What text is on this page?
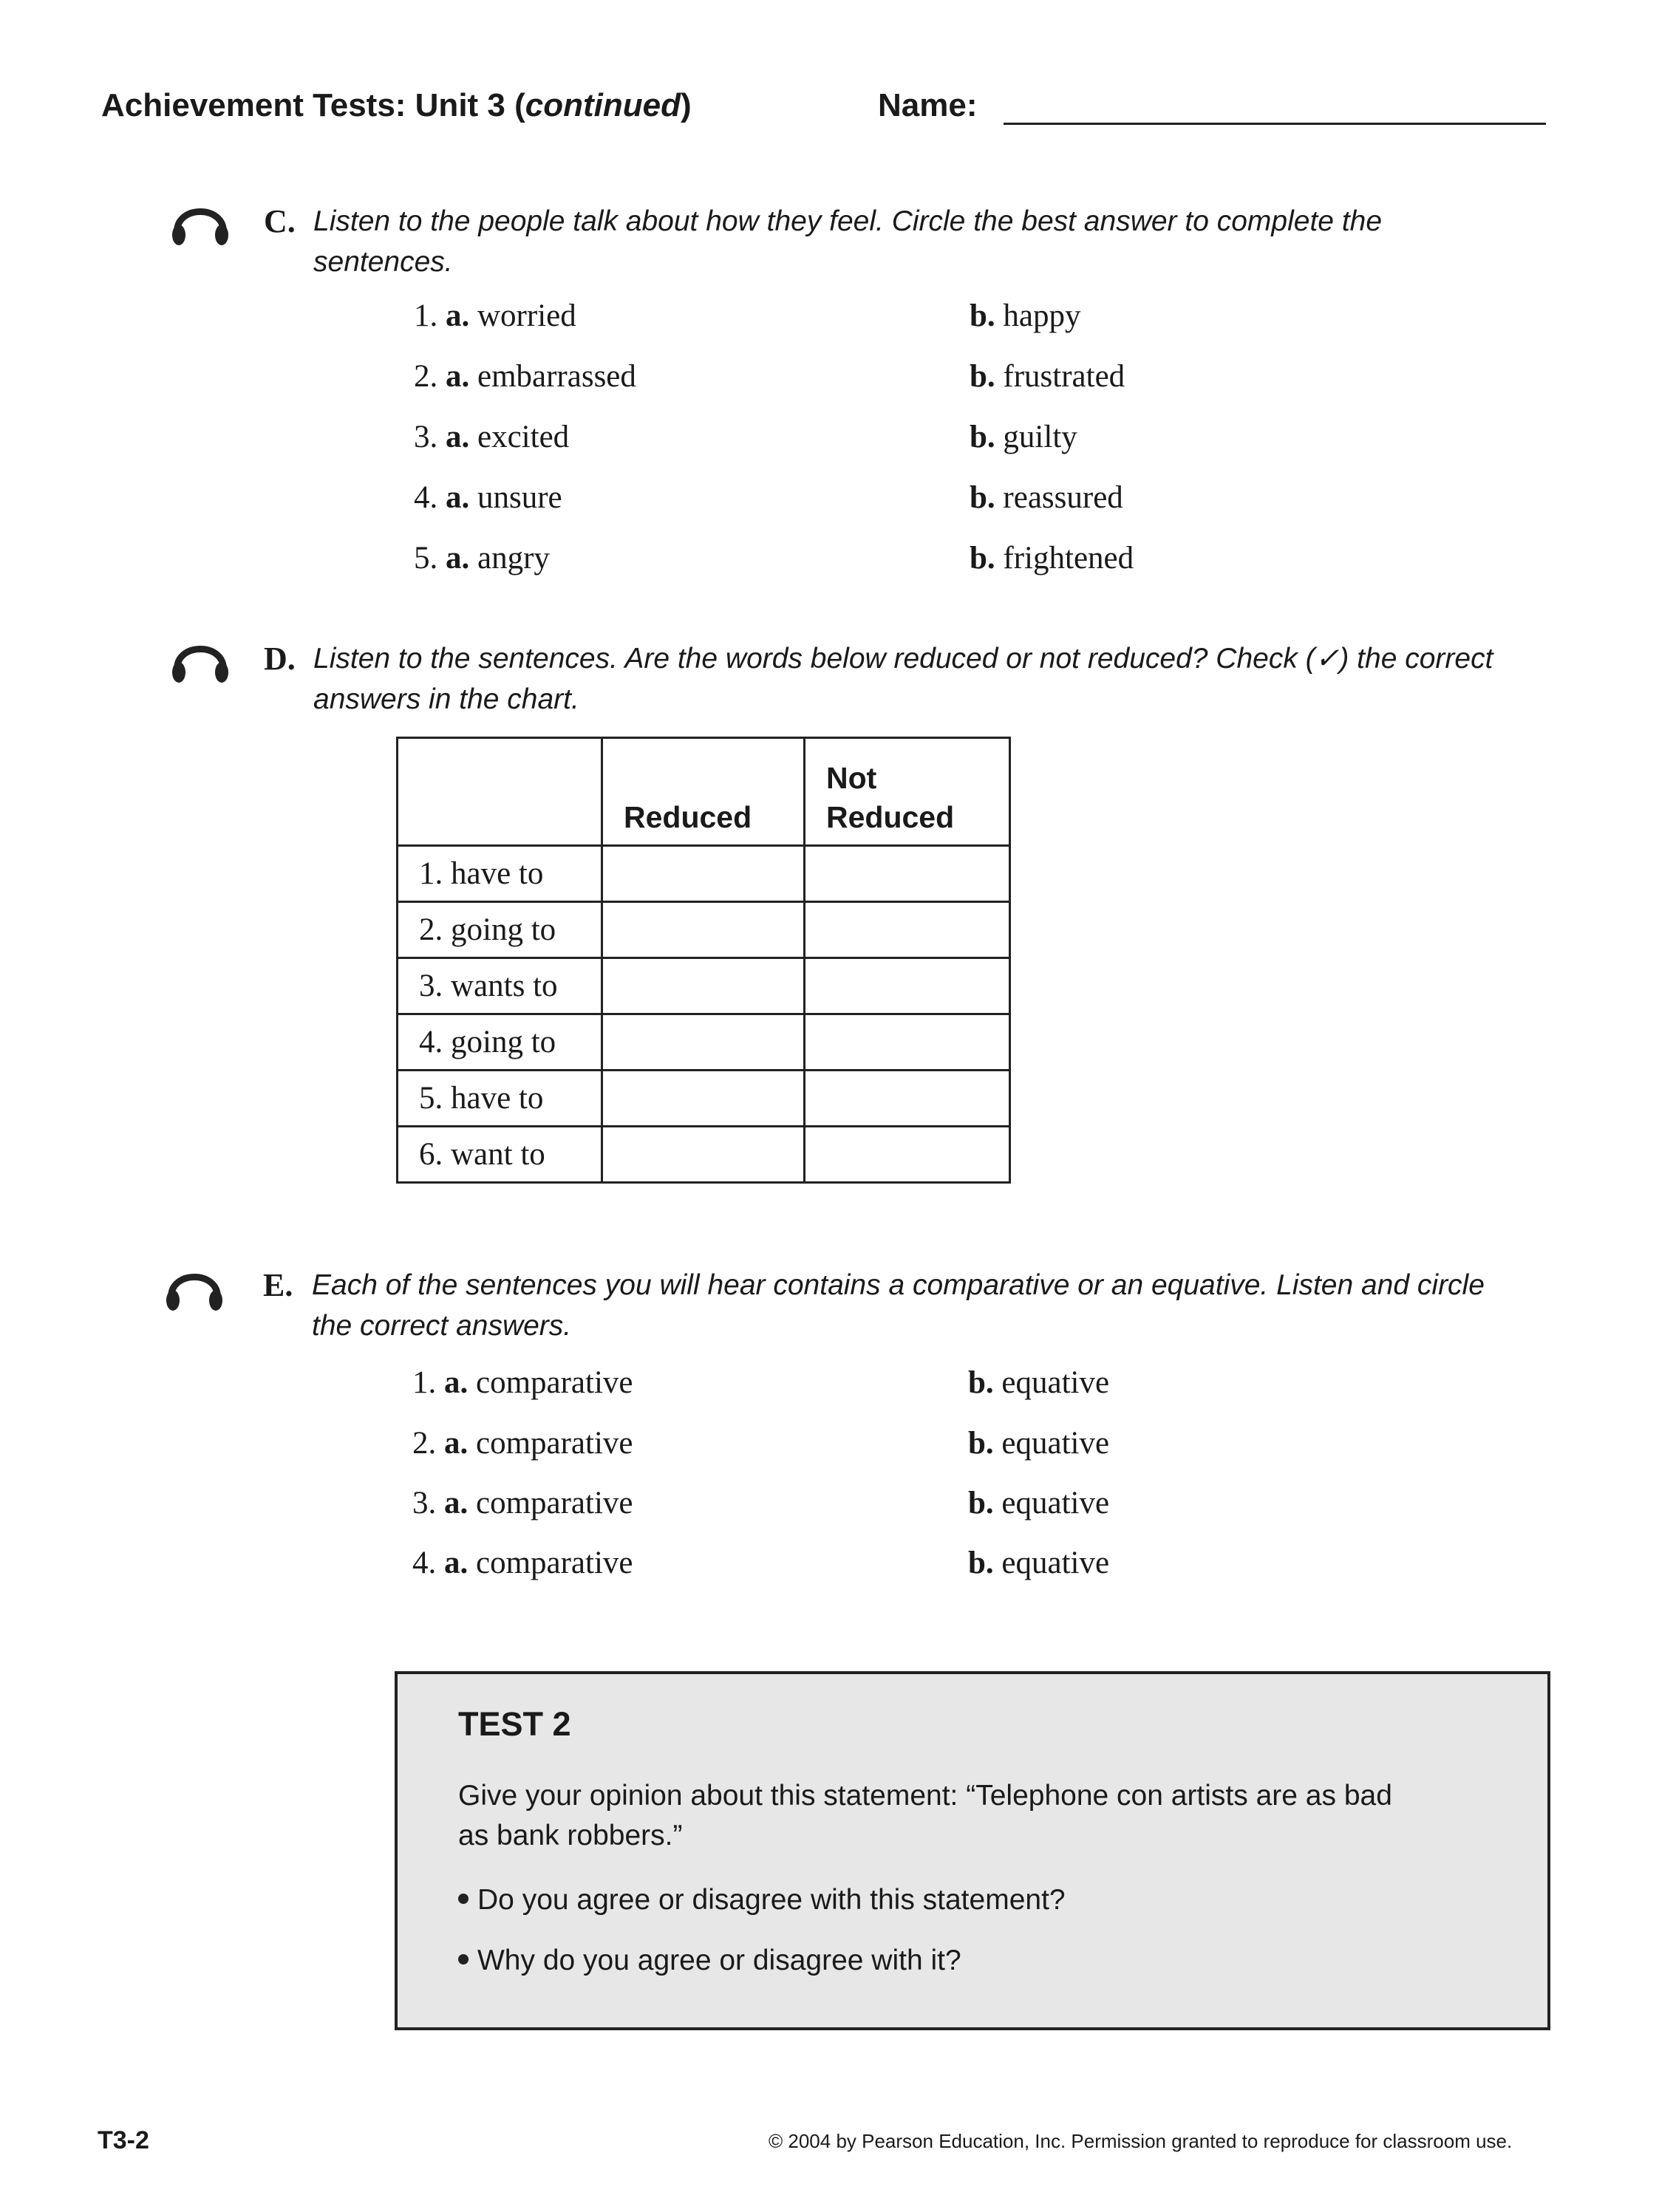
Achievement Tests: Unit 3 (continued)	Name:
C. Listen to the people talk about how they feel. Circle the best answer to complete the
sentences.
1. a. worried	b. happy
2. a. embarrassed	b. frustrated
3. a. excited	b. guilty
4. a. unsure	b. reassured
5. a. angry	b. frightened
D. Listen to the sentences. Are the words below reduced or not reduced? Check (✓) the correct
answers in the chart.
	Reduced	Not
Reduced

1. have to		
2. going to		
3. wants to		
4. going to		
5. have to		
6. want to		
E. Each of the sentences you will hear contains a comparative or an equative. Listen and circle
the correct answers.
1. a. comparative	b. equative
2. a. comparative	b. equative
3. a. comparative	b. equative
4. a. comparative	b. equative
TEST 2
Give your opinion about this statement: “Telephone con artists are as bad
as bank robbers.”
Do you agree or disagree with this statement?
Why do you agree or disagree with it?
T3-2	© 2004 by Pearson Education, Inc. Permission granted to reproduce for classroom use.
